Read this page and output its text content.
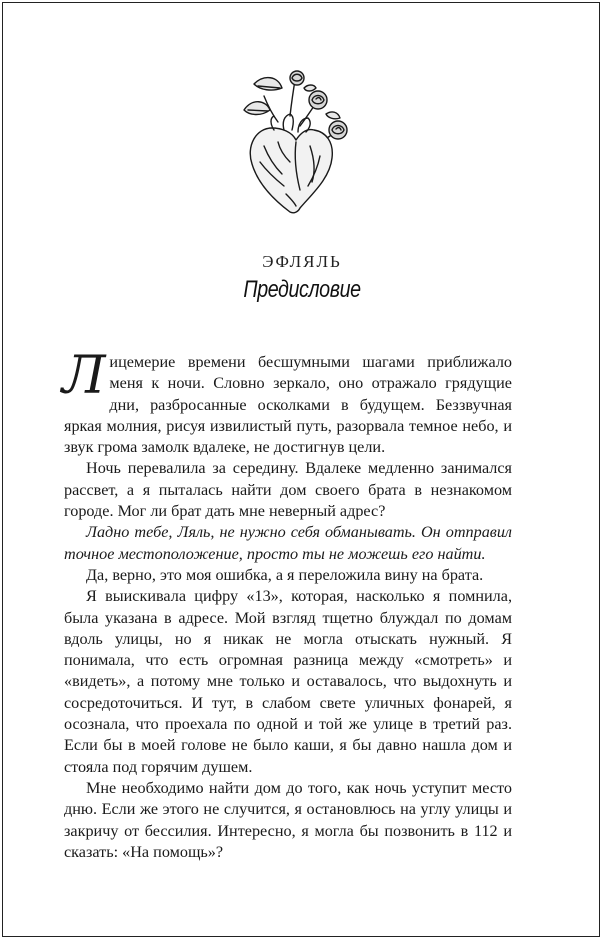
ЭФЛЯЛЬ
Предисловие

Лицемерие времени бесшумными шагами приближало меня к ночи. Словно зеркало, оно отражало грядущие дни, разбросанные осколками в будущем. Беззвучная яркая молния, рисуя извилистый путь, разорвала темное небо, и звук грома замолк вдалеке, не достигнув цели.

Ночь перевалила за середину. Вдалеке медленно занимался рассвет, а я пыталась найти дом своего брата в незнакомом городе. Мог ли брат дать мне неверный адрес?

Ладно тебе, Ляль, не нужно себя обманывать. Он отправил точное местоположение, просто ты не можешь его найти.

Да, верно, это моя ошибка, а я переложила вину на брата.

Я выискивала цифру «13», которая, насколько я помнила, была указана в адресе. Мой взгляд тщетно блуждал по домам вдоль улицы, но я никак не могла отыскать нужный. Я понимала, что есть огромная разница между «смотреть» и «видеть», а потому мне только и оставалось, что выдохнуть и сосредоточиться. И тут, в слабом свете уличных фонарей, я осознала, что проехала по одной и той же улице в третий раз. Если бы в моей голове не было каши, я бы давно нашла дом и стояла под горячим душем.

Мне необходимо найти дом до того, как ночь уступит место дню. Если же этого не случится, я остановлюсь на углу улицы и закричу от бессилия. Интересно, я могла бы позвонить в 112 и сказать: «На помощь»?
